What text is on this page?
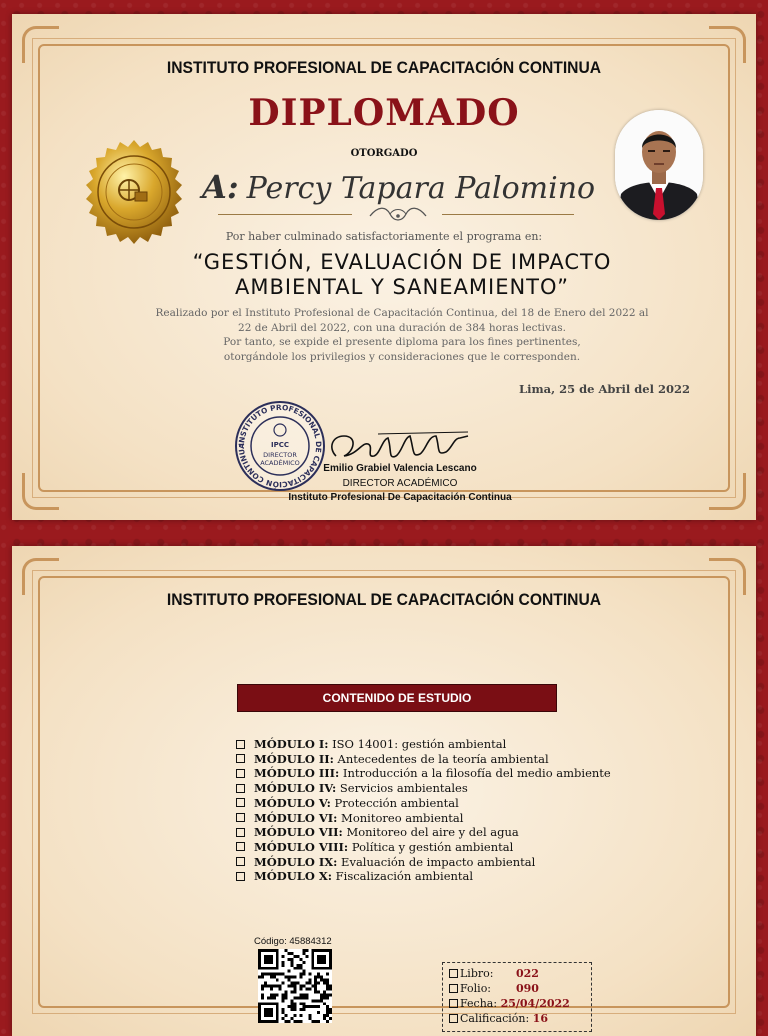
INSTITUTO PROFESIONAL DE CAPACITACIÓN CONTINUA
DIPLOMADO
OTORGADO
A: Percy Tapara Palomino
Por haber culminado satisfactoriamente el programa en:
“GESTIÓN, EVALUACIÓN DE IMPACTO
AMBIENTAL Y SANEAMIENTO”
Realizado por el Instituto Profesional de Capacitación Continua, del 18 de Enero del 2022 al
22 de Abril del 2022, con una duración de 384 horas lectivas.
Por tanto, se expide el presente diploma para los fines pertinentes,
otorgándole los privilegios y consideraciones que le corresponden.
Lima, 25 de Abril del 2022
INSTITUTO PROFESIONAL DE CAPACITACIÓN CONTINUA	IPCC
DIRECTOR
ACADÉMICO	Emilio Grabiel Valencia Lescano
DIRECTOR ACADÉMICO
Instituto Profesional De Capacitación Continua
INSTITUTO PROFESIONAL DE CAPACITACIÓN CONTINUA
CONTENIDO DE ESTUDIO
MÓDULO I: ISO 14001: gestión ambiental
MÓDULO II: Antecedentes de la teoría ambiental
MÓDULO III: Introducción a la filosofía del medio ambiente
MÓDULO IV: Servicios ambientales
MÓDULO V: Protección ambiental
MÓDULO VI: Monitoreo ambiental
MÓDULO VII: Monitoreo del aire y del agua
MÓDULO VIII: Política y gestión ambiental
MÓDULO IX: Evaluación de impacto ambiental
MÓDULO X: Fiscalización ambiental
Código: 45884312
Libro: 022
Folio: 090
Fecha: 25/04/2022
Calificación: 16
